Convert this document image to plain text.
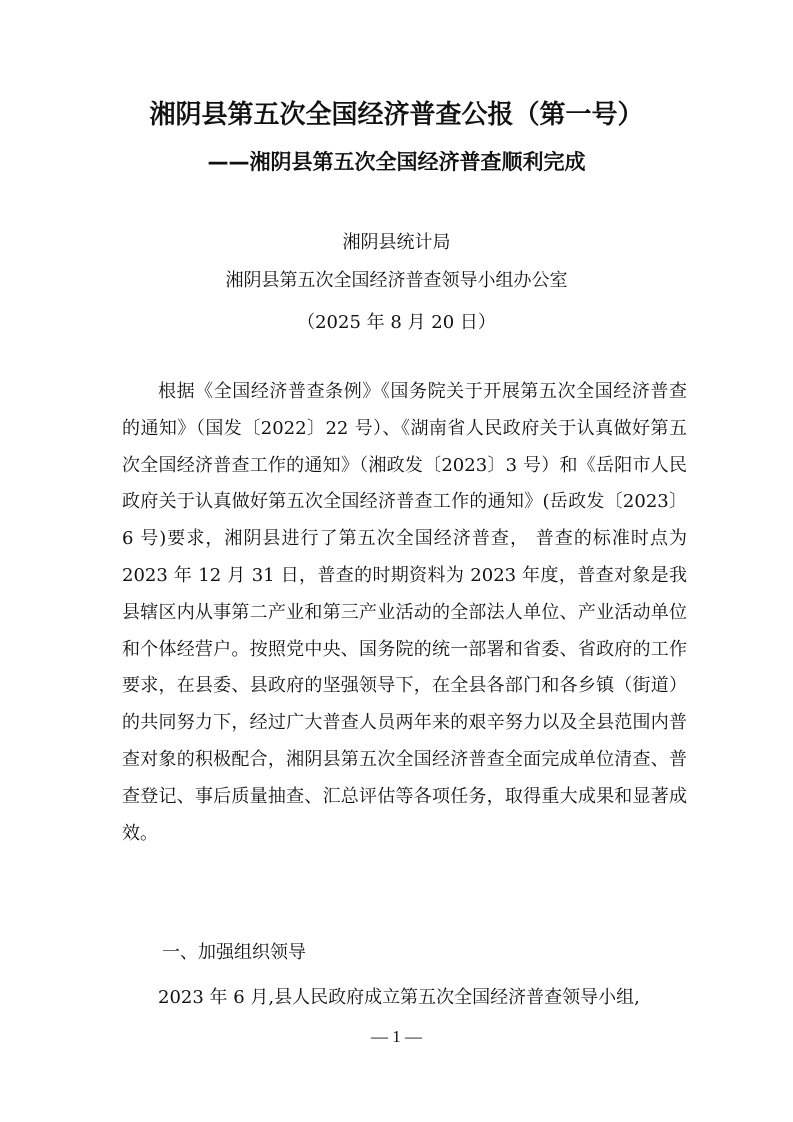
湘阴县第五次全国经济普查公报（第一号）
——湘阴县第五次全国经济普查顺利完成
湘阴县统计局
湘阴县第五次全国经济普查领导小组办公室
（2025 年 8 月 20 日）

根据《全国经济普查条例》《国务院关于开展第五次全国经济普查的通知》（国发〔2022〕22 号）、《湖南省人民政府关于认真做好第五次全国经济普查工作的通知》（湘政发〔2023〕3 号）和《岳阳市人民政府关于认真做好第五次全国经济普查工作的通知》(岳政发〔2023〕6 号)要求，湘阴县进行了第五次全国经济普查， 普查的标准时点为 2023 年 12 月 31 日，普查的时期资料为 2023 年度，普查对象是我县辖区内从事第二产业和第三产业活动的全部法人单位、产业活动单位和个体经营户。按照党中央、国务院的统一部署和省委、省政府的工作要求，在县委、县政府的坚强领导下，在全县各部门和各乡镇（街道）的共同努力下，经过广大普查人员两年来的艰辛努力以及全县范围内普查对象的积极配合，湘阴县第五次全国经济普查全面完成单位清查、普查登记、事后质量抽查、汇总评估等各项任务，取得重大成果和显著成效。

一、加强组织领导

2023 年 6 月,县人民政府成立第五次全国经济普查领导小组,

— 1 —
